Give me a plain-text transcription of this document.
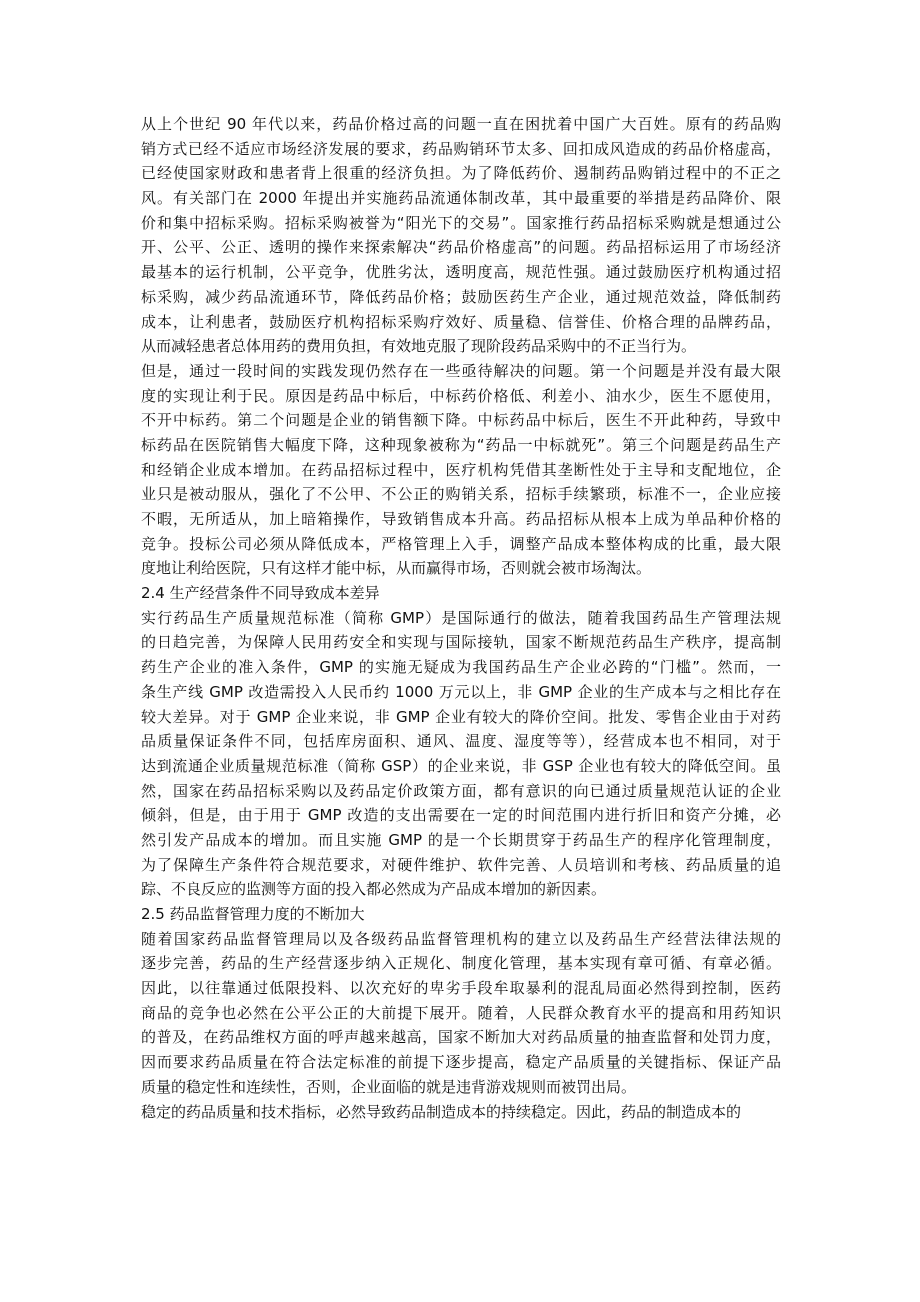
从上个世纪 90 年代以来，药品价格过高的问题一直在困扰着中国广大百姓。原有的药品购
销方式已经不适应市场经济发展的要求，药品购销环节太多、回扣成风造成的药品价格虚高，
已经使国家财政和患者背上很重的经济负担。为了降低药价、遏制药品购销过程中的不正之
风。有关部门在 2000 年提出并实施药品流通体制改革，其中最重要的举措是药品降价、限
价和集中招标采购。招标采购被誉为“阳光下的交易”。国家推行药品招标采购就是想通过公
开、公平、公正、透明的操作来探索解决“药品价格虚高”的问题。药品招标运用了市场经济
最基本的运行机制，公平竞争，优胜劣汰，透明度高，规范性强。通过鼓励医疗机构通过招
标采购，减少药品流通环节，降低药品价格；鼓励医药生产企业，通过规范效益，降低制药
成本，让利患者，鼓励医疗机构招标采购疗效好、质量稳、信誉佳、价格合理的品牌药品，
从而减轻患者总体用药的费用负担，有效地克服了现阶段药品采购中的不正当行为。
但是，通过一段时间的实践发现仍然存在一些亟待解决的问题。第一个问题是并没有最大限
度的实现让利于民。原因是药品中标后，中标药价格低、利差小、油水少，医生不愿使用，
不开中标药。第二个问题是企业的销售额下降。中标药品中标后，医生不开此种药，导致中
标药品在医院销售大幅度下降，这种现象被称为“药品一中标就死”。第三个问题是药品生产
和经销企业成本增加。在药品招标过程中，医疗机构凭借其垄断性处于主导和支配地位，企
业只是被动服从，强化了不公甲、不公正的购销关系，招标手续繁琐，标准不一，企业应接
不暇，无所适从，加上暗箱操作，导致销售成本升高。药品招标从根本上成为单品种价格的
竞争。投标公司必须从降低成本，严格管理上入手，调整产品成本整体构成的比重，最大限
度地让利给医院，只有这样才能中标，从而赢得市场，否则就会被市场淘汰。
2.4 生产经营条件不同导致成本差异
实行药品生产质量规范标准（简称 GMP）是国际通行的做法，随着我国药品生产管理法规
的日趋完善，为保障人民用药安全和实现与国际接轨，国家不断规范药品生产秩序，提高制
药生产企业的准入条件，GMP 的实施无疑成为我国药品生产企业必跨的“门槛”。然而，一
条生产线 GMP 改造需投入人民币约 1000 万元以上，非 GMP 企业的生产成本与之相比存在
较大差异。对于 GMP 企业来说，非 GMP 企业有较大的降价空间。批发、零售企业由于对药
品质量保证条件不同，包括库房面积、通风、温度、湿度等等），经营成本也不相同，对于
达到流通企业质量规范标准（简称 GSP）的企业来说，非 GSP 企业也有较大的降低空间。虽
然，国家在药品招标采购以及药品定价政策方面，都有意识的向已通过质量规范认证的企业
倾斜，但是，由于用于 GMP 改造的支出需要在一定的时间范围内进行折旧和资产分摊，必
然引发产品成本的增加。而且实施 GMP 的是一个长期贯穿于药品生产的程序化管理制度，
为了保障生产条件符合规范要求，对硬件维护、软件完善、人员培训和考核、药品质量的追
踪、不良反应的监测等方面的投入都必然成为产品成本增加的新因素。
2.5 药品监督管理力度的不断加大
随着国家药品监督管理局以及各级药品监督管理机构的建立以及药品生产经营法律法规的
逐步完善，药品的生产经营逐步纳入正规化、制度化管理，基本实现有章可循、有章必循。
因此，以往靠通过低限投料、以次充好的卑劣手段牟取暴利的混乱局面必然得到控制，医药
商品的竞争也必然在公平公正的大前提下展开。随着，人民群众教育水平的提高和用药知识
的普及，在药品维权方面的呼声越来越高，国家不断加大对药品质量的抽查监督和处罚力度，
因而要求药品质量在符合法定标准的前提下逐步提高，稳定产品质量的关键指标、保证产品
质量的稳定性和连续性，否则，企业面临的就是违背游戏规则而被罚出局。
稳定的药品质量和技术指标，必然导致药品制造成本的持续稳定。因此，药品的制造成本的
